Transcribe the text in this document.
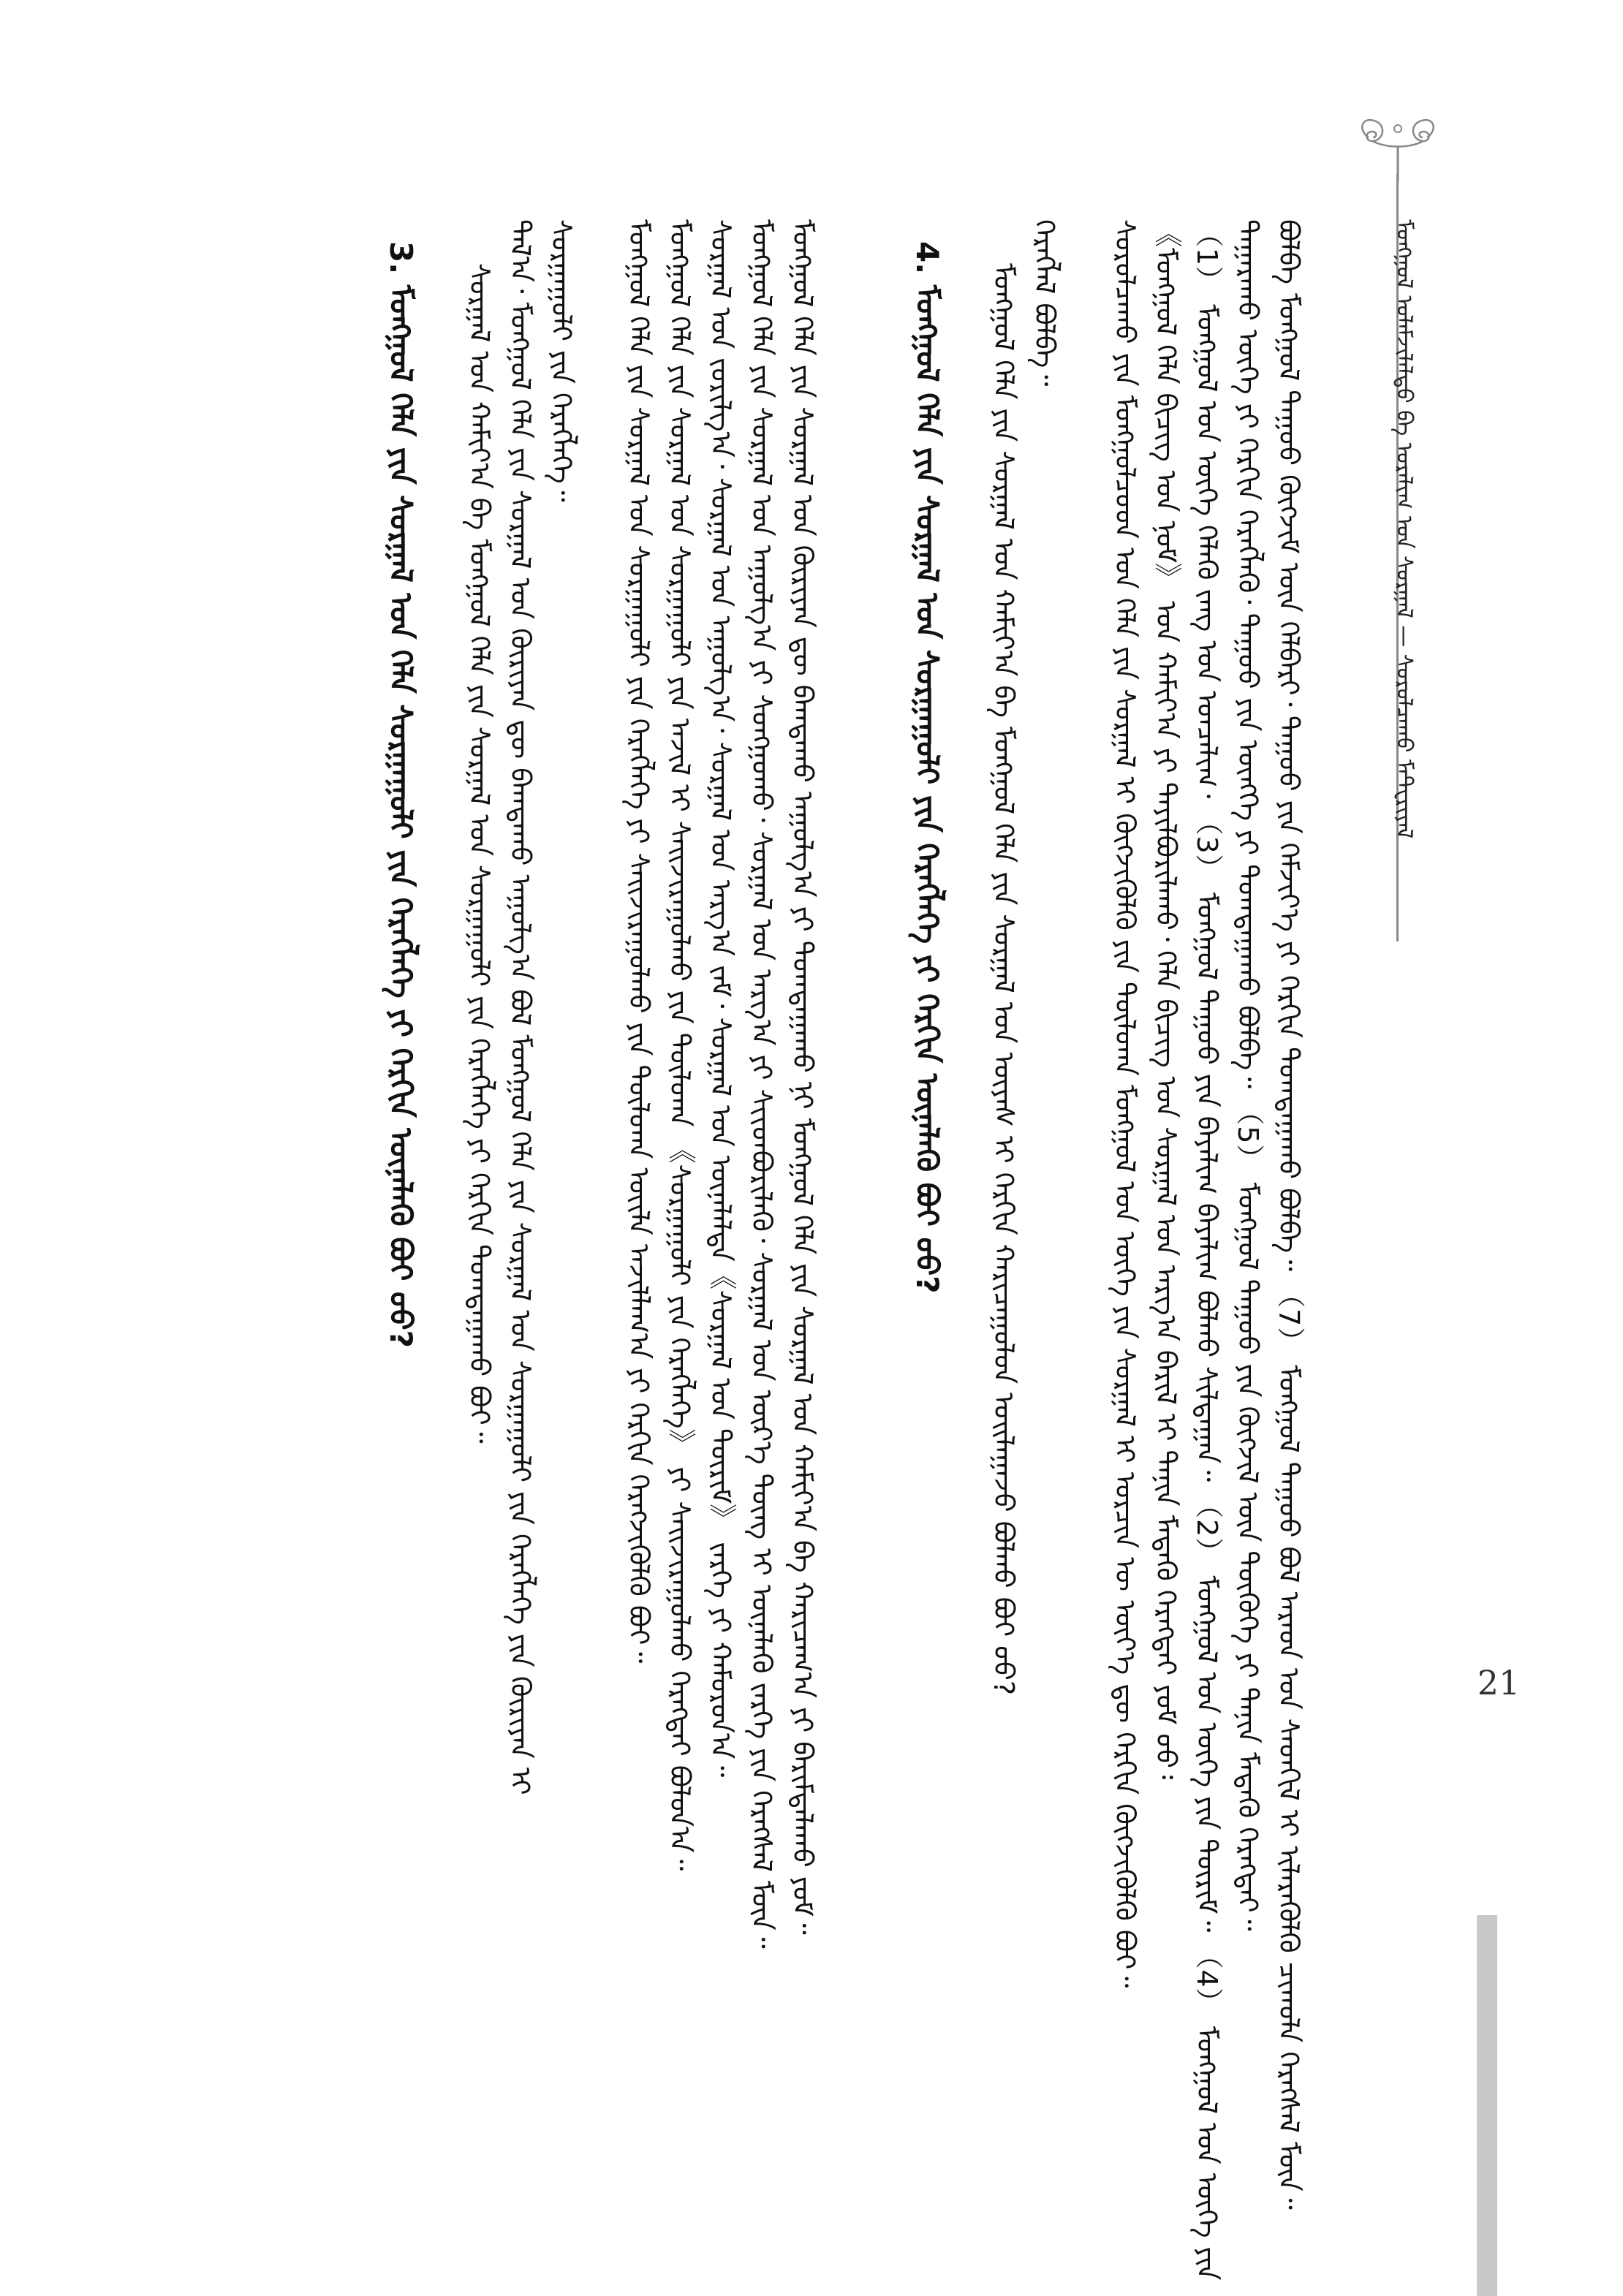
ᠮᠣᠩᠭᠣᠯ ᠤᠯᠠᠮᠵᠢᠯᠠᠯᠲᠤ ᠪᠠ ᠤᠷᠠᠯᠢᠭ ᠤᠨ ᠰᠤᠷᠭᠠᠯ — ᠰᠤᠷᠤᠯᠴᠠᠬᠤ ᠮᠠᠲ᠋ᠧᠷᠢᠶᠠᠯ
ᠪᠣᠯᠪᠠ ᠮᠣᠩᠭᠣᠯ ᠳᠠᠭᠤᠤ ᠬᠦᠭᠵᠢᠮ ᠦᠨ ᠬᠡᠯᠪᠡᠷᠢ᠂ ᠳᠠᠭᠤᠤ ᠶᠢᠨ ᠬᠡᠮᠵᠢᠶ᠎ᠡ ᠶᠢ ᠬᠡᠷᠬᠢᠨ ᠲᠣᠭᠲᠠᠭᠠᠬᠤ ᠪᠣᠯᠪᠠ᠃ （7） ᠮᠣᠩᠭᠣᠯ ᠳᠠᠭᠤᠤ ᠪᠣᠯ ᠠᠷᠠᠳ ᠤᠨ ᠰᠡᠳᠬᠢᠯ ᠢ ᠢᠯᠡᠷᠡᠭᠦᠯᠬᠦ ᠴᠢᠬᠤᠯᠠ ᠬᠡᠷᠡᠭᠰᠡᠯ ᠮᠥᠨ᠃
ᠲᠠᠭᠠᠷᠠᠬᠤ ᠦᠭᠡ ᠶᠢ ᠬᠡᠷᠬᠢᠨ ᠬᠡᠷᠡᠭᠯᠡᠬᠦ᠂ ᠳᠠᠭᠤᠤ ᠶᠢᠨ ᠥᠩᠭᠡ ᠶᠢ ᠲᠣᠭᠲᠠᠭᠠᠬᠤ ᠪᠣᠯᠪᠠ᠃ （5） ᠮᠣᠩᠭᠣᠯ ᠳᠠᠭᠤᠤ ᠶᠢᠨ ᠬᠥᠭᠵᠢᠯ ᠦᠨ ᠲᠦᠬᠦᠬᠡ ᠶᠢ ᠲᠠᠨᠢᠨ ᠮᠡᠳᠡᠬᠦ ᠬᠡᠷᠡᠭᠲᠡᠢ᠃
（1） ᠮᠣᠩᠭᠣᠯ ᠤᠨ ᠦᠭᠡ ᠬᠡᠯᠡᠬᠦ ᠵᠠᠩ ᠤᠨ ᠣᠨᠴᠠᠯᠢᠭ᠂ （3） ᠮᠣᠩᠭᠣᠯ ᠳᠠᠭᠤᠤ ᠶᠢᠨ ᠪᠠᠶᠠᠯᠢᠭ ᠪᠠᠶᠠᠯᠢᠭ ᠪᠣᠯᠬᠤ ᠰᠢᠯᠲᠠᠭᠠᠨ᠃ （2） ᠮᠣᠩᠭᠣᠯ ᠤᠨ ᠦᠭᠡ ᠶᠢᠨ ᠳᠦᠷᠢᠮ᠃ （4） ᠮᠣᠩᠭᠣᠯ ᠤᠨ ᠦᠭᠡ ᠶᠢᠨ
《ᠮᠣᠩᠭᠣᠯ ᠬᠡᠯᠡ ᠪᠢᠴᠢᠭ ᠤᠨ ᠨᠣᠮ》 ᠤᠨ ᠬᠠᠮᠢᠶ᠎ᠠ ᠶᠢ ᠲᠠᠶᠢᠯᠪᠤᠷᠢᠯᠠᠬᠤ᠂ ᠬᠡᠯᠡ ᠪᠢᠴᠢᠭ ᠤᠨ ᠰᠤᠷᠭᠠᠯ ᠤᠨ ᠠᠷᠭ᠎ᠠ ᠪᠠᠷᠢᠯ ᠢ ᠲᠠᠨᠢᠨ ᠮᠡᠳᠡᠬᠦ ᠬᠡᠷᠡᠭᠲᠡᠢ ᠶᠤᠮ ᠤᠤ᠄
ᠰᠤᠷᠤᠯᠴᠠᠬᠤ ᠶᠢᠨ ᠮᠣᠩᠭᠣᠯᠴᠤᠳ ᠤᠨ ᠬᠡᠯᠡ ᠶᠢᠨ ᠰᠤᠷᠭᠠᠯ ᠢ ᠬᠥᠭᠵᠢᠭᠦᠯᠬᠦ ᠶᠢᠨ ᠲᠥᠯᠥᠭ᠍ᠡ ᠮᠣᠩᠭᠣᠯ ᠤᠨ ᠦᠭᠡ ᠶᠢᠨ ᠰᠤᠷᠭᠠᠯ ᠢ ᠣᠷᠴᠢᠨ ᠦ ᠦᠶ᠎ᠡ ᠳᠦ ᠬᠡᠷᠬᠢᠨ ᠬᠥᠭᠵᠢᠭᠦᠯᠬᠦ ᠪᠤᠢ᠃
ᠬᠡᠷᠡᠭᠯᠡᠯ ᠪᠣᠯᠪᠠ᠃
ᠮᠣᠩᠭᠣᠯ ᠬᠡᠯᠡ ᠶᠢᠨ ᠰᠤᠷᠭᠠᠯ ᠤᠨ ᠬᠠᠮᠢᠶ᠎ᠠ ᠪᠠ ᠮᠣᠩᠭᠣᠯ ᠬᠡᠯᠡ ᠶᠢᠨ ᠰᠤᠷᠭᠠᠯ ᠤᠨ ᠦᠶᠡᠰ ᠢ ᠬᠡᠷᠬᠢᠨ ᠬᠠᠷᠢᠴᠠᠭᠤᠯᠤᠨ ᠤᠢᠯᠠᠭᠠᠵᠤ ᠪᠣᠯᠬᠤ ᠪᠤᠢ ᠤᠤ?
4. ᠮᠣᠩᠭᠣᠯ ᠬᠡᠯᠡ ᠶᠢᠨ ᠰᠤᠷᠭᠠᠯ ᠤᠨ ᠰᠤᠷᠭᠠᠭᠤᠯᠢ ᠶᠢᠨ ᠬᠡᠷᠡᠭᠯᠡᠭᠡ ᠶᠢ ᠬᠡᠷᠬᠢᠨ ᠦᠨᠡᠯᠡᠬᠦ ᠪᠤᠢ ᠤᠤ?
ᠮᠣᠩᠭᠣᠯ ᠬᠡᠯᠡ ᠶᠢᠨ ᠰᠤᠷᠭᠠᠯ ᠤᠨ ᠬᠦᠷᠢᠶᠡᠨ ᠳᠦ ᠪᠠᠭᠲᠠᠬᠤ ᠠᠭᠤᠯᠭ᠎ᠠ ᠶᠢ ᠲᠣᠭᠲᠠᠭᠠᠬᠤ ᠨᠢ ᠮᠣᠩᠭᠣᠯ ᠬᠡᠯᠡ ᠶᠢᠨ ᠰᠤᠷᠭᠠᠯ ᠤᠨ ᠬᠠᠮᠢᠶ᠎ᠠ ᠪᠠ ᠬᠠᠷᠢᠴᠠᠭ᠎ᠠ ᠶᠢ ᠪᠠᠷᠢᠮᠲᠠᠯᠠᠬᠤ ᠶᠤᠮ᠃
ᠮᠣᠩᠭᠣᠯ ᠬᠡᠯᠡ ᠶᠢᠨ ᠰᠤᠷᠭᠠᠯ ᠤᠨ ᠠᠭᠤᠯᠭ᠎ᠠ ᠶᠢ ᠰᠤᠨᠭᠭᠤᠬᠤ᠂ ᠰᠤᠷᠭᠠᠯ ᠤᠨ ᠠᠷᠭ᠎ᠠ ᠶᠢ ᠰᠢᠢᠳᠪᠦᠷᠢᠯᠡᠬᠦ᠂ ᠰᠤᠷᠭᠠᠯ ᠤᠨ ᠦᠷ᠎ᠡ ᠳᠦᠩ ᠢ ᠦᠨᠡᠯᠡᠬᠦ ᠵᠡᠷᠭᠡ ᠶᠢᠨ ᠬᠡᠷᠡᠭᠰᠡᠯ ᠮᠥᠨ᠃
ᠰᠤᠷᠭᠠᠯ ᠤᠨ ᠵᠣᠷᠢᠯᠭ᠎ᠠ᠂ ᠰᠤᠷᠭᠠᠯ ᠤᠨ ᠠᠭᠤᠯᠭ᠎ᠠ᠂ ᠰᠤᠷᠭᠠᠯ ᠤᠨ ᠠᠷᠭ᠎ᠠ ᠵᠠᠮ᠂ ᠰᠤᠷᠭᠠᠯ ᠤᠨ ᠦᠨᠡᠯᠡᠯᠲᠡ《ᠰᠤᠷᠭᠠᠯ ᠤᠨ ᠳᠦᠷᠢᠮ》 ᠵᠡᠷᠭᠡ ᠶᠢ ᠬᠠᠮᠤᠷᠤᠨ᠎ᠠ᠃
ᠮᠣᠩᠭᠣᠯ ᠬᠡᠯᠡ ᠶᠢᠨ ᠰᠤᠷᠭᠠᠯ ᠤᠨ ᠰᠤᠷᠭᠠᠭᠤᠯᠢ ᠶᠢᠨ ᠠᠵᠢᠯ ᠢ ᠰᠠᠢᠵᠢᠷᠠᠭᠤᠯᠬᠤ ᠶᠢᠨ ᠲᠥᠯᠥᠭ᠍ᠡ 《ᠰᠤᠷᠭᠠᠭᠤᠯᠢ ᠶᠢᠨ ᠬᠡᠷᠡᠭᠯᠡᠭᠡ》 ᠶᠢ ᠰᠠᠢᠵᠢᠷᠠᠭᠤᠯᠬᠤ ᠬᠡᠷᠡᠭᠲᠡᠢ ᠪᠣᠯᠤᠨ᠎ᠠ᠃
ᠮᠣᠩᠭᠣᠯ ᠬᠡᠯᠡ ᠶᠢᠨ ᠰᠤᠷᠭᠠᠯ ᠤᠨ ᠰᠤᠷᠭᠠᠭᠤᠯᠢ ᠶᠢᠨ ᠬᠡᠷᠡᠭᠯᠡᠭᠡ ᠶᠢ ᠰᠠᠢᠵᠢᠷᠠᠭᠤᠯᠬᠤ ᠶᠢᠨ ᠲᠥᠯᠥᠭ᠍ᠡ ᠦᠢᠯᠡ ᠠᠵᠢᠯᠯᠠᠭ᠎ᠠ ᠶᠢ ᠬᠡᠷᠬᠢᠨ ᠬᠡᠷᠡᠭᠵᠢᠭᠦᠯᠬᠦ ᠪᠤᠢ᠃
ᠰᠤᠷᠭᠠᠭᠤᠯᠢ ᠶᠢᠨ ᠬᠡᠷᠡᠭᠯᠡᠭᠡ᠃
ᠲᠠᠯ᠎ᠠ᠂ ᠮᠣᠩᠭᠣᠯ ᠬᠡᠯᠡ ᠶᠢᠨ ᠰᠤᠷᠭᠠᠯ ᠤᠨ ᠬᠦᠷᠢᠶᠡᠨ ᠳᠦ ᠪᠠᠭᠲᠠᠬᠤ ᠠᠭᠤᠯᠭ᠎ᠠ ᠪᠣᠯ ᠮᠣᠩᠭᠣᠯ ᠬᠡᠯᠡ ᠶᠢᠨ ᠰᠤᠷᠭᠠᠯ ᠤᠨ ᠰᠤᠷᠭᠠᠭᠤᠯᠢ ᠶᠢᠨ ᠬᠡᠷᠡᠭᠯᠡᠭᠡ ᠶᠢᠨ ᠬᠦᠷᠢᠶᠡᠨ ᠢ
ᠰᠤᠷᠭᠠᠯ ᠤᠨ ᠬᠠᠮᠢᠶ᠎ᠠ ᠪᠠ ᠮᠣᠩᠭᠣᠯ ᠬᠡᠯᠡ ᠶᠢᠨ ᠰᠤᠷᠭᠠᠯ ᠤᠨ ᠰᠤᠷᠭᠠᠭᠤᠯᠢ ᠶᠢᠨ ᠬᠡᠷᠡᠭᠯᠡᠭᠡ ᠶᠢ ᠬᠡᠷᠬᠢᠨ ᠲᠣᠭᠲᠠᠭᠠᠬᠤ ᠪᠤᠢ᠃
3. ᠮᠣᠩᠭᠣᠯ ᠬᠡᠯᠡ ᠶᠢᠨ ᠰᠤᠷᠭᠠᠯ ᠤᠨ ᠬᠡᠯᠡ ᠰᠤᠷᠭᠠᠭᠤᠯᠢ ᠶᠢᠨ ᠬᠡᠷᠡᠭᠯᠡᠭᠡ ᠶᠢ ᠬᠡᠷᠬᠢᠨ ᠦᠨᠡᠯᠡᠬᠦ ᠪᠤᠢ ᠤᠤ?
21
